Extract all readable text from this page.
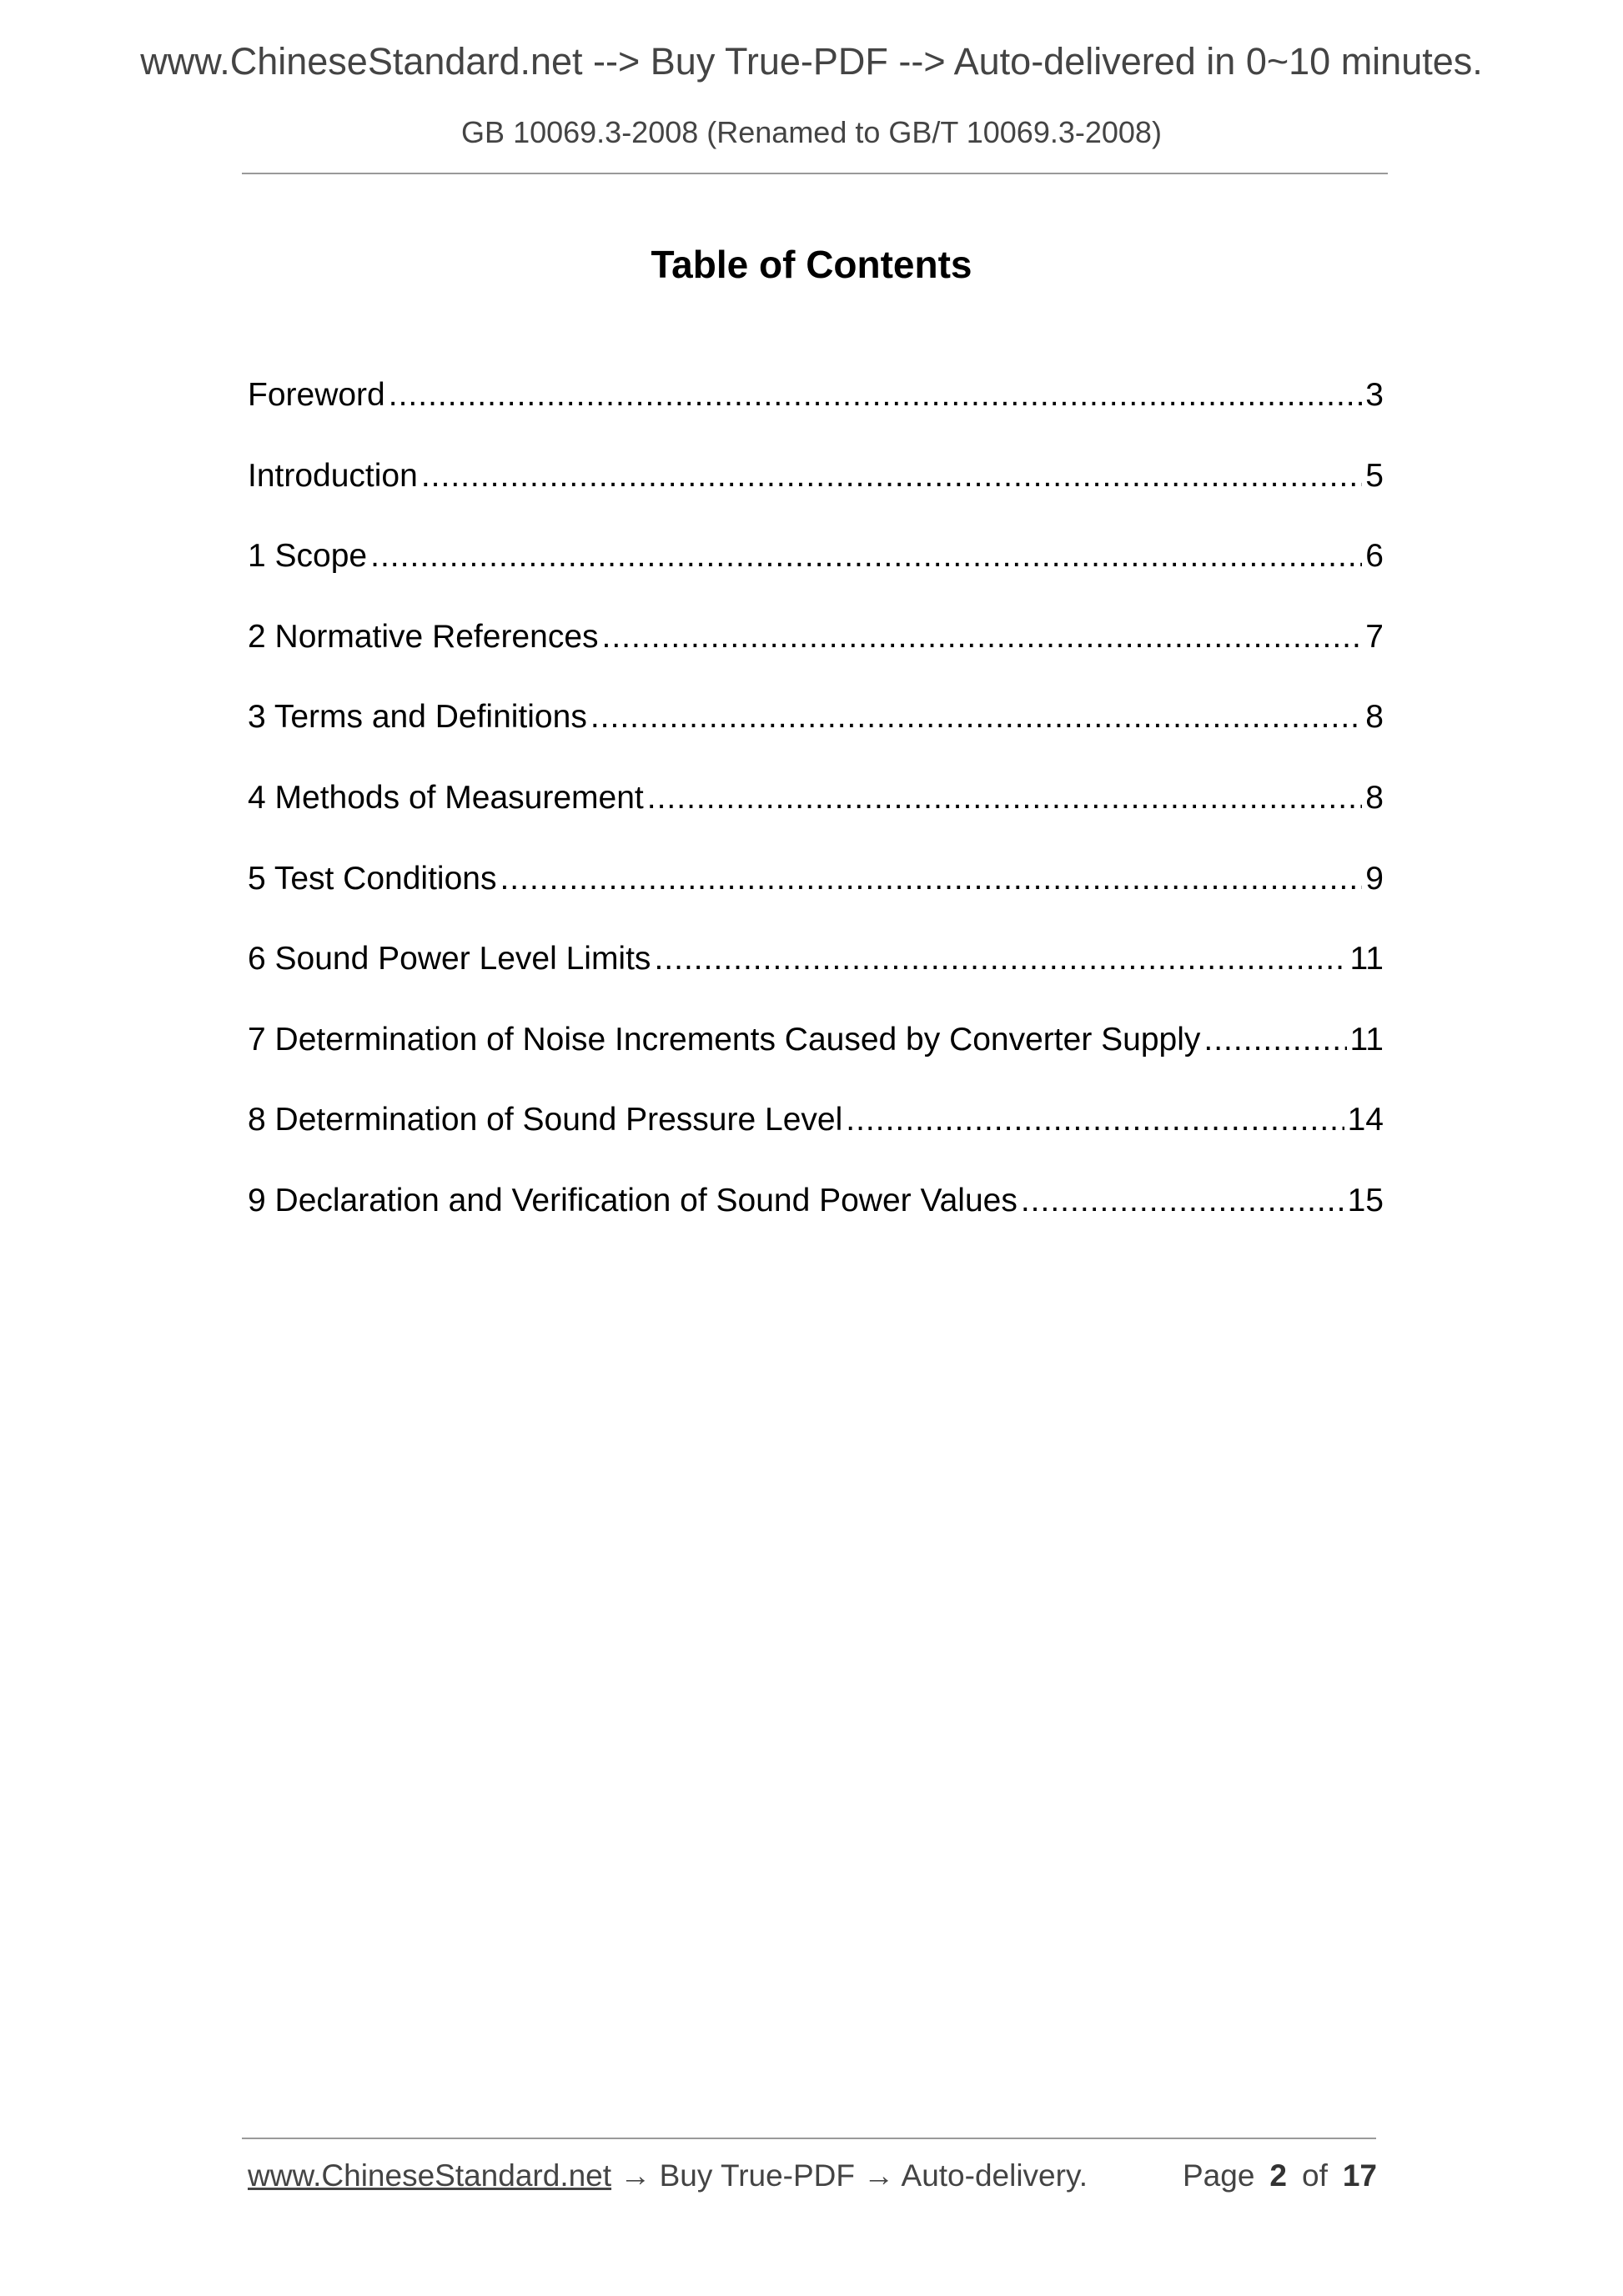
www.ChineseStandard.net --> Buy True-PDF --> Auto-delivered in 0~10 minutes.
GB 10069.3-2008 (Renamed to GB/T 10069.3-2008)
Table of Contents
Foreword .....	3
Introduction .....	5
1 Scope .....	6
2 Normative References .....	7
3 Terms and Definitions .....	8
4 Methods of Measurement .....	8
5 Test Conditions .....	9
6 Sound Power Level Limits .....	11
7 Determination of Noise Increments Caused by Converter Supply .....	11
8 Determination of Sound Pressure Level .....	14
9 Declaration and Verification of Sound Power Values .....	15
www.ChineseStandard.net → Buy True-PDF → Auto-delivery.	Page 2 of 17
